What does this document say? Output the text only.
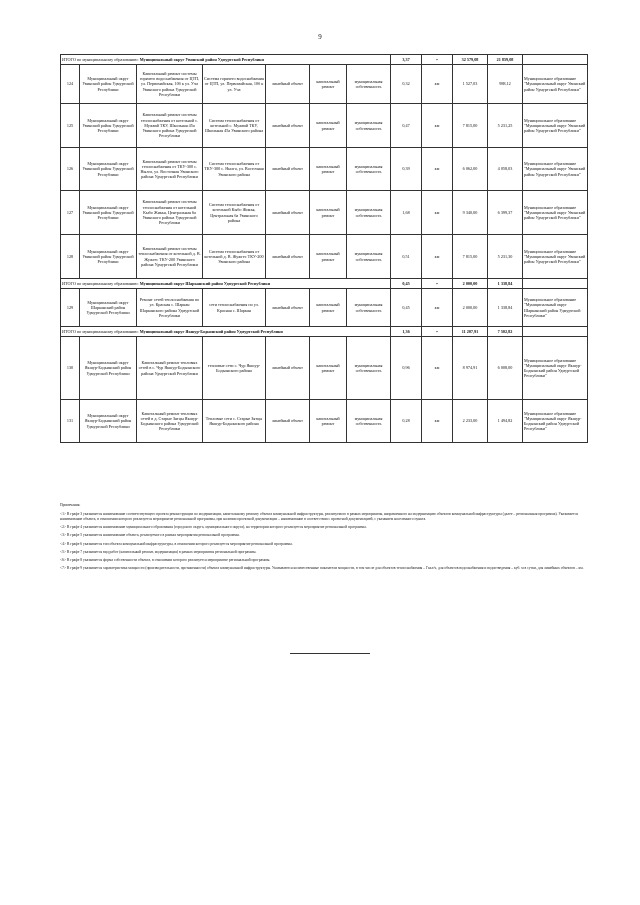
9
ИТОГО по муниципальному образованию: Муниципальный округ Увинский район Удмуртской Республики							3,37	•	32 579,08	21 859,08	
124	Муниципальный округ Увинский район Удмуртской Республики	Капитальный ремонт системы горячего водоснабжения от ЦТП, ул. Первомайская, 10б к ул. Уча Увинского района Удмуртской Республики	Система горячего водоснабжения от ЦТП, ул. Первомайская, 10б к ул. Уча	линейный объект	капитальный ремонт	муниципальная собственность	0,32	км	1 527,03	988,12	Муниципальное образование "Муниципальный округ Увинский район Удмуртской Республики"
125	Муниципальный округ Увинский район Удмуртской Республики	Капитальный ремонт системы теплоснабжения от котельной с. Мужвай ТКУ, Школьная 45а Увинского района Удмуртской Республики	Система теплоснабжения от котельной с. Мужвай ТКУ, Школьная 45а Увинского района	линейный объект	капитальный ремонт	муниципальная собственность	0,47	км	7 815,00	5 231,25	Муниципальное образование "Муниципальный округ Увинский район Удмуртской Республики"
126	Муниципальный округ Увинский район Удмуртской Республики	Капитальный ремонт системы теплоснабжения от ТКУ-300 с. Нылга, ул. Восточная Увинского района Удмуртской Республики	Система теплоснабжения от ТКУ-300 с. Нылга, ул. Восточная Увинского района	линейный объект	капитальный ремонт	муниципальная собственность	0,39	км	6 062,00	4 058,03	Муниципальное образование "Муниципальный округ Увинский район Удмуртской Республики"
127	Муниципальный округ Увинский район Удмуртской Республики	Капитальный ремонт системы теплоснабжения от котельной Кыбо Жикья, Центральная 6а Увинского района Удмуртской Республики	Система теплоснабжения от котельной Кыбо Жикья, Центральная 6а Увинского района	линейный объект	капитальный ремонт	муниципальная собственность	1,68	км	9 340,00	6 399,37	Муниципальное образование "Муниципальный округ Увинский район Удмуртской Республики"
128	Муниципальный округ Увинский район Удмуртской Республики	Капитальный ремонт системы теплоснабжения от котельной д. В. Жужгес ТКУ-200 Увинского района Удмуртской Республики	Система теплоснабжения от котельной д. В. Жужгес ТКУ-200 Увинского района	линейный объект	капитальный ремонт	муниципальная собственность	0,51	км	7 815,00	5 231,30	Муниципальное образование "Муниципальный округ Увинский район Удмуртской Республики"
ИТОГО по муниципальному образованию: Муниципальный округ Шарканский район Удмуртской Республики							0,45	•	2 000,00	1 338,84	
129	Муниципальный округ Шарканский район Удмуртской Республики	Ремонт сетей теплоснабжения по ул. Красная с. Шаркан Шарканского района Удмуртской Республики	сети теплоснабжения по ул. Красная с. Шаркан	линейный объект	капитальный ремонт	муниципальная собственность	0,45	км	2 000,00	1 338,84	Муниципальное образование "Муниципальный округ Шарканский район Удмуртской Республики"
ИТОГО по муниципальному образованию: Муниципальный округ Якшур-Бодьинский район Удмуртской Республики							1,36	•	11 207,91	7 502,82	
130	Муниципальный округ Якшур-Бодьинский район Удмуртской Республики	Капитальный ремонт тепловых сетей в с. Чур Якшур-Бодьинского района Удмуртской Республики	тепловые сети с. Чур Якшур-Бодьинского района	линейный объект	капитальный ремонт	муниципальная собственность	0,96	км	8 974,91	6 008,00	Муниципальное образование "Муниципальный округ Якшур-Бодьинский район Удмуртской Республики"
131	Муниципальный округ Якшур-Бодьинский район Удмуртской Республики	Капитальный ремонт тепловых сетей в д. Старые Зятцы Якшур-Бодьинского района Удмуртской Республики	Тепловые сети с. Старые Зятцы Якшур-Бодьинского района	линейный объект	капитальный ремонт	муниципальная собственность	0,28	км	2 233,00	1 494,82	Муниципальное образование "Муниципальный округ Якшур-Бодьинский район Удмуртской Республики"

Примечания.

<1> В графе 3 указывается наименование соответствующего проекта реконструкции по модернизации, капитальному ремонту объекта коммунальной инфраструктуры, реализуемого в рамках мероприятия, направленного на модернизацию объектов коммунальной инфраструктуры (далее – региональная программа). Указывается наименование объекта, в отношении которого реализуется мероприятие региональной программы, при наличии проектной документации – наименование в соответствии с проектной документацией, с указанием населенного пункта.

<2> В графе 4 указывается наименование муниципального образования (городского округа, муниципального округа), на территории которого реализуется мероприятие региональной программы.

<3> В графе 5 указывается наименование объекта, реализуемого в рамках мероприятия региональной программы.

<4> В графе 6 указывается тип объекта коммунальной инфраструктуры, в отношении которого реализуется мероприятие региональной программы.

<5> В графе 7 указывается вид работ (капитальный ремонт, модернизация) в рамках мероприятия региональной программы.

<6> В графе 8 указывается форма собственности объекта, в отношении которого реализуется мероприятие региональной программы.

<7> В графе 9 указывается характеристика мощности (производительности, протяженности) объекта коммунальной инфраструктуры. Указываются количественные показатели мощности, в том числе для объектов теплоснабжения – Гкал/ч, для объектов водоснабжения и водоотведения – куб. м в сутки, для линейных объектов – км.
